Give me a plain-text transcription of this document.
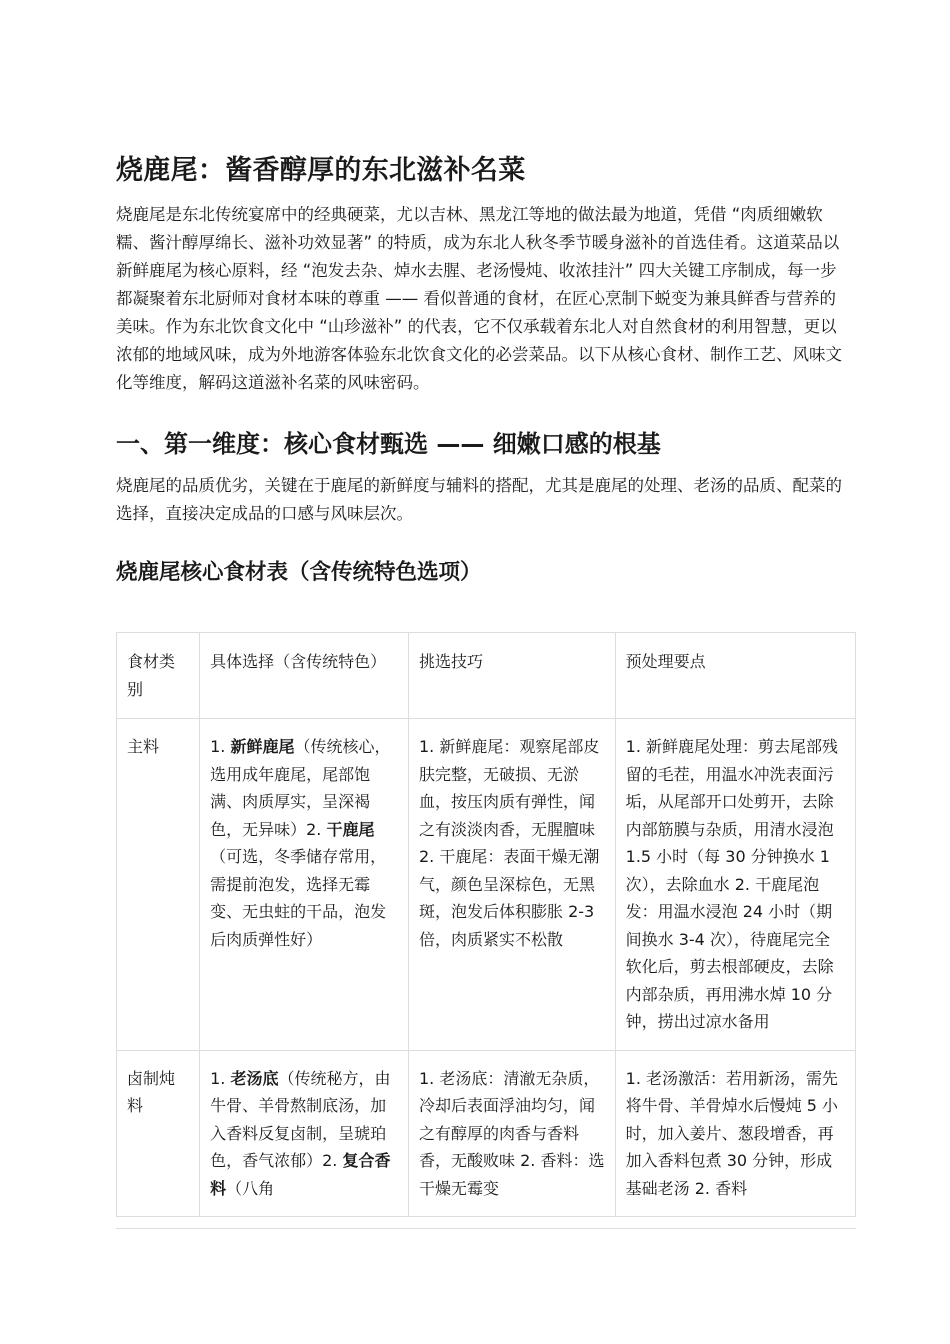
烧鹿尾：酱香醇厚的东北滋补名菜

烧鹿尾是东北传统宴席中的经典硬菜，尤以吉林、黑龙江等地的做法最为地道，凭借 “肉质细嫩软糯、酱汁醇厚绵长、滋补功效显著” 的特质，成为东北人秋冬季节暖身滋补的首选佳肴。这道菜品以新鲜鹿尾为核心原料，经 “泡发去杂、焯水去腥、老汤慢炖、收浓挂汁” 四大关键工序制成，每一步都凝聚着东北厨师对食材本味的尊重 —— 看似普通的食材，在匠心烹制下蜕变为兼具鲜香与营养的美味。作为东北饮食文化中 “山珍滋补” 的代表，它不仅承载着东北人对自然食材的利用智慧，更以浓郁的地域风味，成为外地游客体验东北饮食文化的必尝菜品。以下从核心食材、制作工艺、风味文化等维度，解码这道滋补名菜的风味密码。

一、第一维度：核心食材甄选 —— 细嫩口感的根基

烧鹿尾的品质优劣，关键在于鹿尾的新鲜度与辅料的搭配，尤其是鹿尾的处理、老汤的品质、配菜的选择，直接决定成品的口感与风味层次。

烧鹿尾核心食材表（含传统特色选项）
食材类别	具体选择（含传统特色）	挑选技巧	预处理要点
主料	1. 新鲜鹿尾（传统核心，选用成年鹿尾，尾部饱满、肉质厚实，呈深褐色，无异味）2. 干鹿尾（可选，冬季储存常用，需提前泡发，选择无霉变、无虫蛀的干品，泡发后肉质弹性好）	1. 新鲜鹿尾：观察尾部皮肤完整，无破损、无淤血，按压肉质有弹性，闻之有淡淡肉香，无腥膻味 2. 干鹿尾：表面干燥无潮气，颜色呈深棕色，无黑斑，泡发后体积膨胀 2-3 倍，肉质紧实不松散	1. 新鲜鹿尾处理：剪去尾部残留的毛茬，用温水冲洗表面污垢，从尾部开口处剪开，去除内部筋膜与杂质，用清水浸泡 1.5 小时（每 30 分钟换水 1 次），去除血水 2. 干鹿尾泡发：用温水浸泡 24 小时（期间换水 3-4 次），待鹿尾完全软化后，剪去根部硬皮，去除内部杂质，再用沸水焯 10 分钟，捞出过凉水备用
卤制炖料	1. 老汤底（传统秘方，由牛骨、羊骨熬制底汤，加入香料反复卤制，呈琥珀色，香气浓郁）2. 复合香料（八角	1. 老汤底：清澈无杂质，冷却后表面浮油均匀，闻之有醇厚的肉香与香料香，无酸败味 2. 香料：选干燥无霉变	1. 老汤激活：若用新汤，需先将牛骨、羊骨焯水后慢炖 5 小时，加入姜片、葱段增香，再加入香料包煮 30 分钟，形成基础老汤 2. 香料
